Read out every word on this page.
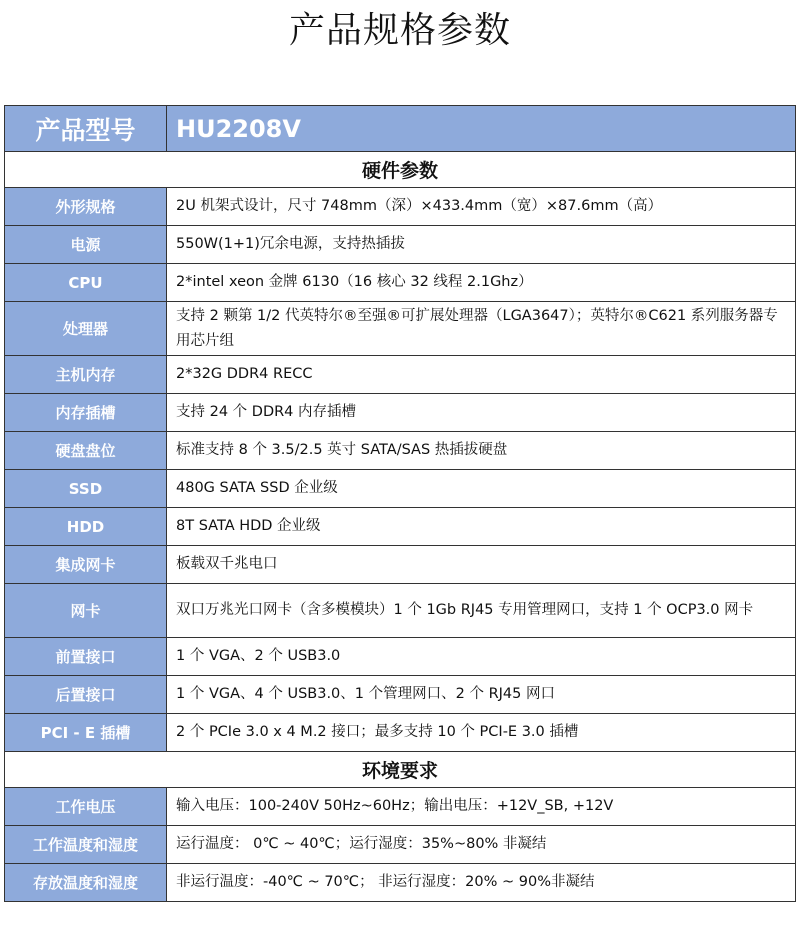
产品规格参数
产品型号	HU2208V
硬件参数	
外形规格	2U 机架式设计，尺寸 748mm（深）×433.4mm（宽）×87.6mm（高）
电源	550W(1+1)冗余电源，支持热插拔
CPU	2*intel xeon 金牌 6130（16 核心 32 线程 2.1Ghz）
处理器	支持 2 颗第 1/2 代英特尔®至强®可扩展处理器（LGA3647）；英特尔®C621 系列服务器专用芯片组
主机内存	2*32G DDR4 RECC
内存插槽	支持 24 个 DDR4 内存插槽
硬盘盘位	标准支持 8 个 3.5/2.5 英寸 SATA/SAS 热插拔硬盘
SSD	480G SATA SSD 企业级
HDD	8T SATA HDD 企业级
集成网卡	板载双千兆电口
网卡	双口万兆光口网卡（含多模模块）1 个 1Gb RJ45 专用管理网口，支持 1 个 OCP3.0 网卡
前置接口	1 个 VGA、2 个 USB3.0
后置接口	1 个 VGA、4 个 USB3.0、1 个管理网口、2 个 RJ45 网口
PCI - E 插槽	2 个 PCIe 3.0 x 4 M.2 接口；最多支持 10 个 PCI-E 3.0 插槽
环境要求	
工作电压	输入电压：100-240V 50Hz~60Hz；输出电压：+12V_SB, +12V
工作温度和湿度	运行温度： 0℃ ~ 40℃；运行湿度：35%~80% 非凝结
存放温度和湿度	非运行温度：-40℃ ~ 70℃； 非运行湿度：20% ~ 90%非凝结
